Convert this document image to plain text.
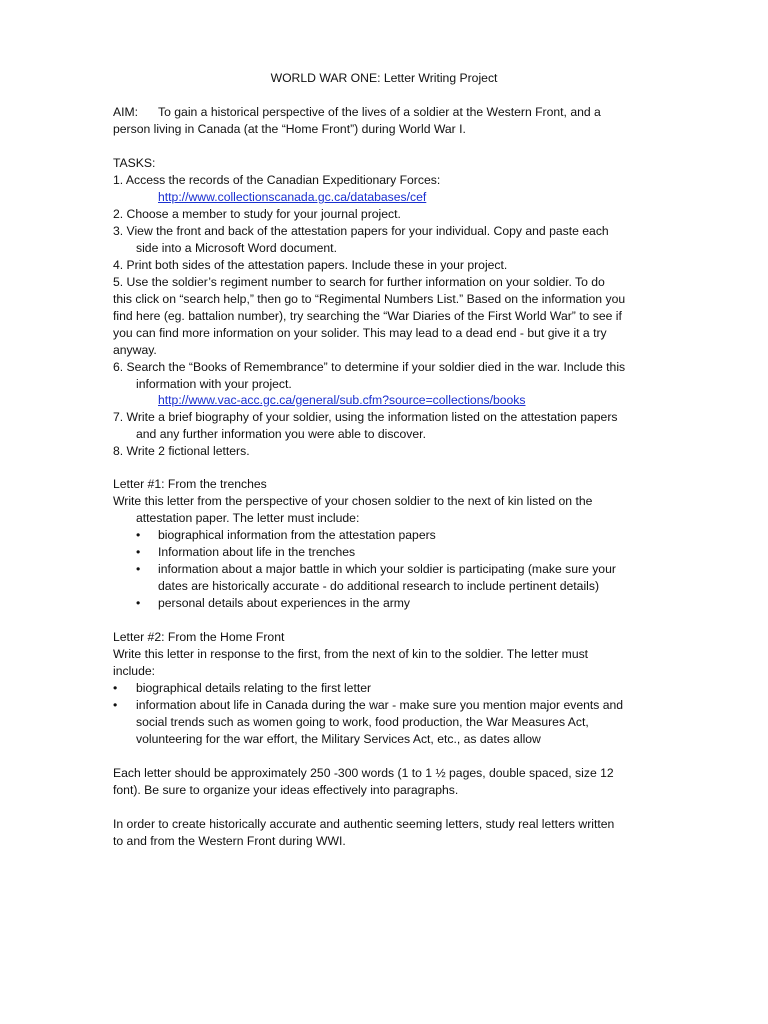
WORLD WAR ONE: Letter Writing Project
AIM: To gain a historical perspective of the lives of a soldier at the Western Front, and a
person living in Canada (at the “Home Front”) during World War I.
TASKS:
1. Access the records of the Canadian Expeditionary Forces:
http://www.collectionscanada.gc.ca/databases/cef
2. Choose a member to study for your journal project.
3. View the front and back of the attestation papers for your individual. Copy and paste each
side into a Microsoft Word document.
4. Print both sides of the attestation papers. Include these in your project.
5. Use the soldier’s regiment number to search for further information on your soldier. To do
this click on “search help,” then go to “Regimental Numbers List.” Based on the information you
find here (eg. battalion number), try searching the “War Diaries of the First World War” to see if
you can find more information on your solider. This may lead to a dead end - but give it a try
anyway.
6. Search the “Books of Remembrance” to determine if your soldier died in the war. Include this
information with your project.
http://www.vac-acc.gc.ca/general/sub.cfm?source=collections/books
7. Write a brief biography of your soldier, using the information listed on the attestation papers
and any further information you were able to discover.
8. Write 2 fictional letters.
Letter #1: From the trenches
Write this letter from the perspective of your chosen soldier to the next of kin listed on the
attestation paper. The letter must include:
• biographical information from the attestation papers
• Information about life in the trenches
• information about a major battle in which your soldier is participating (make sure your
dates are historically accurate - do additional research to include pertinent details)
• personal details about experiences in the army
Letter #2: From the Home Front
Write this letter in response to the first, from the next of kin to the soldier. The letter must
include:
• biographical details relating to the first letter
• information about life in Canada during the war - make sure you mention major events and
social trends such as women going to work, food production, the War Measures Act,
volunteering for the war effort, the Military Services Act, etc., as dates allow
Each letter should be approximately 250 -300 words (1 to 1 ½ pages, double spaced, size 12
font). Be sure to organize your ideas effectively into paragraphs.
In order to create historically accurate and authentic seeming letters, study real letters written
to and from the Western Front during WWI.
